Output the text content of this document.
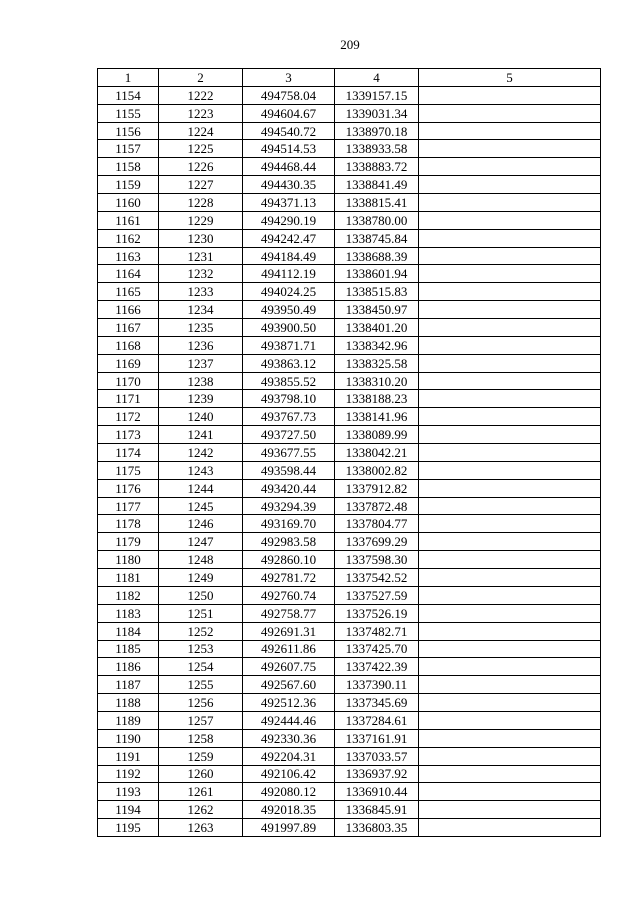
209
1	2	3	4	5
1154	1222	494758.04	1339157.15	
1155	1223	494604.67	1339031.34	
1156	1224	494540.72	1338970.18	
1157	1225	494514.53	1338933.58	
1158	1226	494468.44	1338883.72	
1159	1227	494430.35	1338841.49	
1160	1228	494371.13	1338815.41	
1161	1229	494290.19	1338780.00	
1162	1230	494242.47	1338745.84	
1163	1231	494184.49	1338688.39	
1164	1232	494112.19	1338601.94	
1165	1233	494024.25	1338515.83	
1166	1234	493950.49	1338450.97	
1167	1235	493900.50	1338401.20	
1168	1236	493871.71	1338342.96	
1169	1237	493863.12	1338325.58	
1170	1238	493855.52	1338310.20	
1171	1239	493798.10	1338188.23	
1172	1240	493767.73	1338141.96	
1173	1241	493727.50	1338089.99	
1174	1242	493677.55	1338042.21	
1175	1243	493598.44	1338002.82	
1176	1244	493420.44	1337912.82	
1177	1245	493294.39	1337872.48	
1178	1246	493169.70	1337804.77	
1179	1247	492983.58	1337699.29	
1180	1248	492860.10	1337598.30	
1181	1249	492781.72	1337542.52	
1182	1250	492760.74	1337527.59	
1183	1251	492758.77	1337526.19	
1184	1252	492691.31	1337482.71	
1185	1253	492611.86	1337425.70	
1186	1254	492607.75	1337422.39	
1187	1255	492567.60	1337390.11	
1188	1256	492512.36	1337345.69	
1189	1257	492444.46	1337284.61	
1190	1258	492330.36	1337161.91	
1191	1259	492204.31	1337033.57	
1192	1260	492106.42	1336937.92	
1193	1261	492080.12	1336910.44	
1194	1262	492018.35	1336845.91	
1195	1263	491997.89	1336803.35	
